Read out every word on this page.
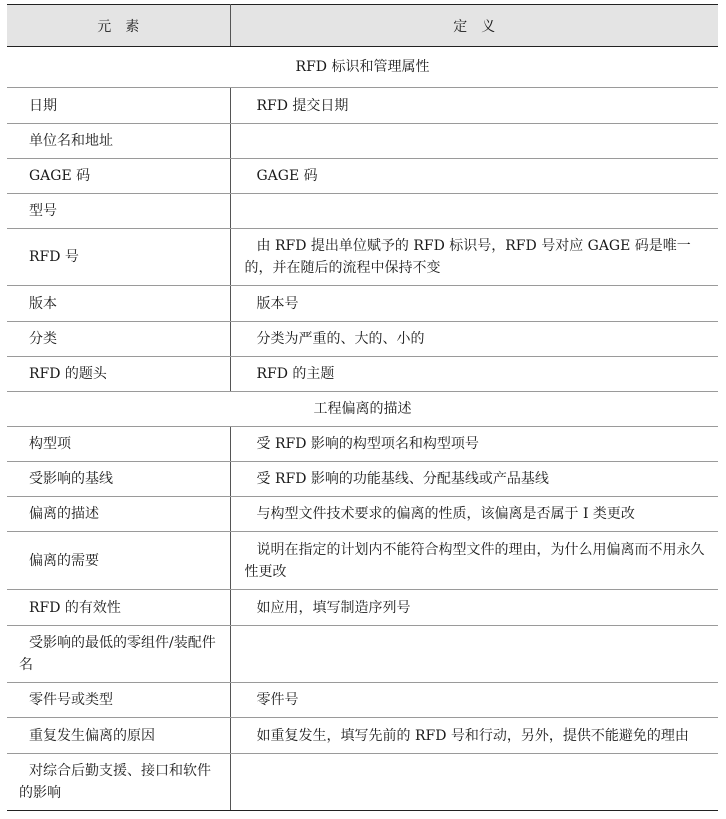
元　素	定　义
RFD 标识和管理属性	
日期	RFD 提交日期
单位名和地址	
GAGE 码	GAGE 码
型号	
RFD 号	由 RFD 提出单位赋予的 RFD 标识号，RFD 号对应 GAGE 码是唯一的，并在随后的流程中保持不变
版本	版本号
分类	分类为严重的、大的、小的
RFD 的题头	RFD 的主题
工程偏离的描述	
构型项	受 RFD 影响的构型项名和构型项号
受影响的基线	受 RFD 影响的功能基线、分配基线或产品基线
偏离的描述	与构型文件技术要求的偏离的性质，该偏离是否属于 Ⅰ 类更改
偏离的需要	说明在指定的计划内不能符合构型文件的理由，为什么用偏离而不用永久性更改
RFD 的有效性	如应用，填写制造序列号
受影响的最低的零组件/装配件名	
零件号或类型	零件号
重复发生偏离的原因	如重复发生，填写先前的 RFD 号和行动，另外，提供不能避免的理由
对综合后勤支援、接口和软件的影响	
